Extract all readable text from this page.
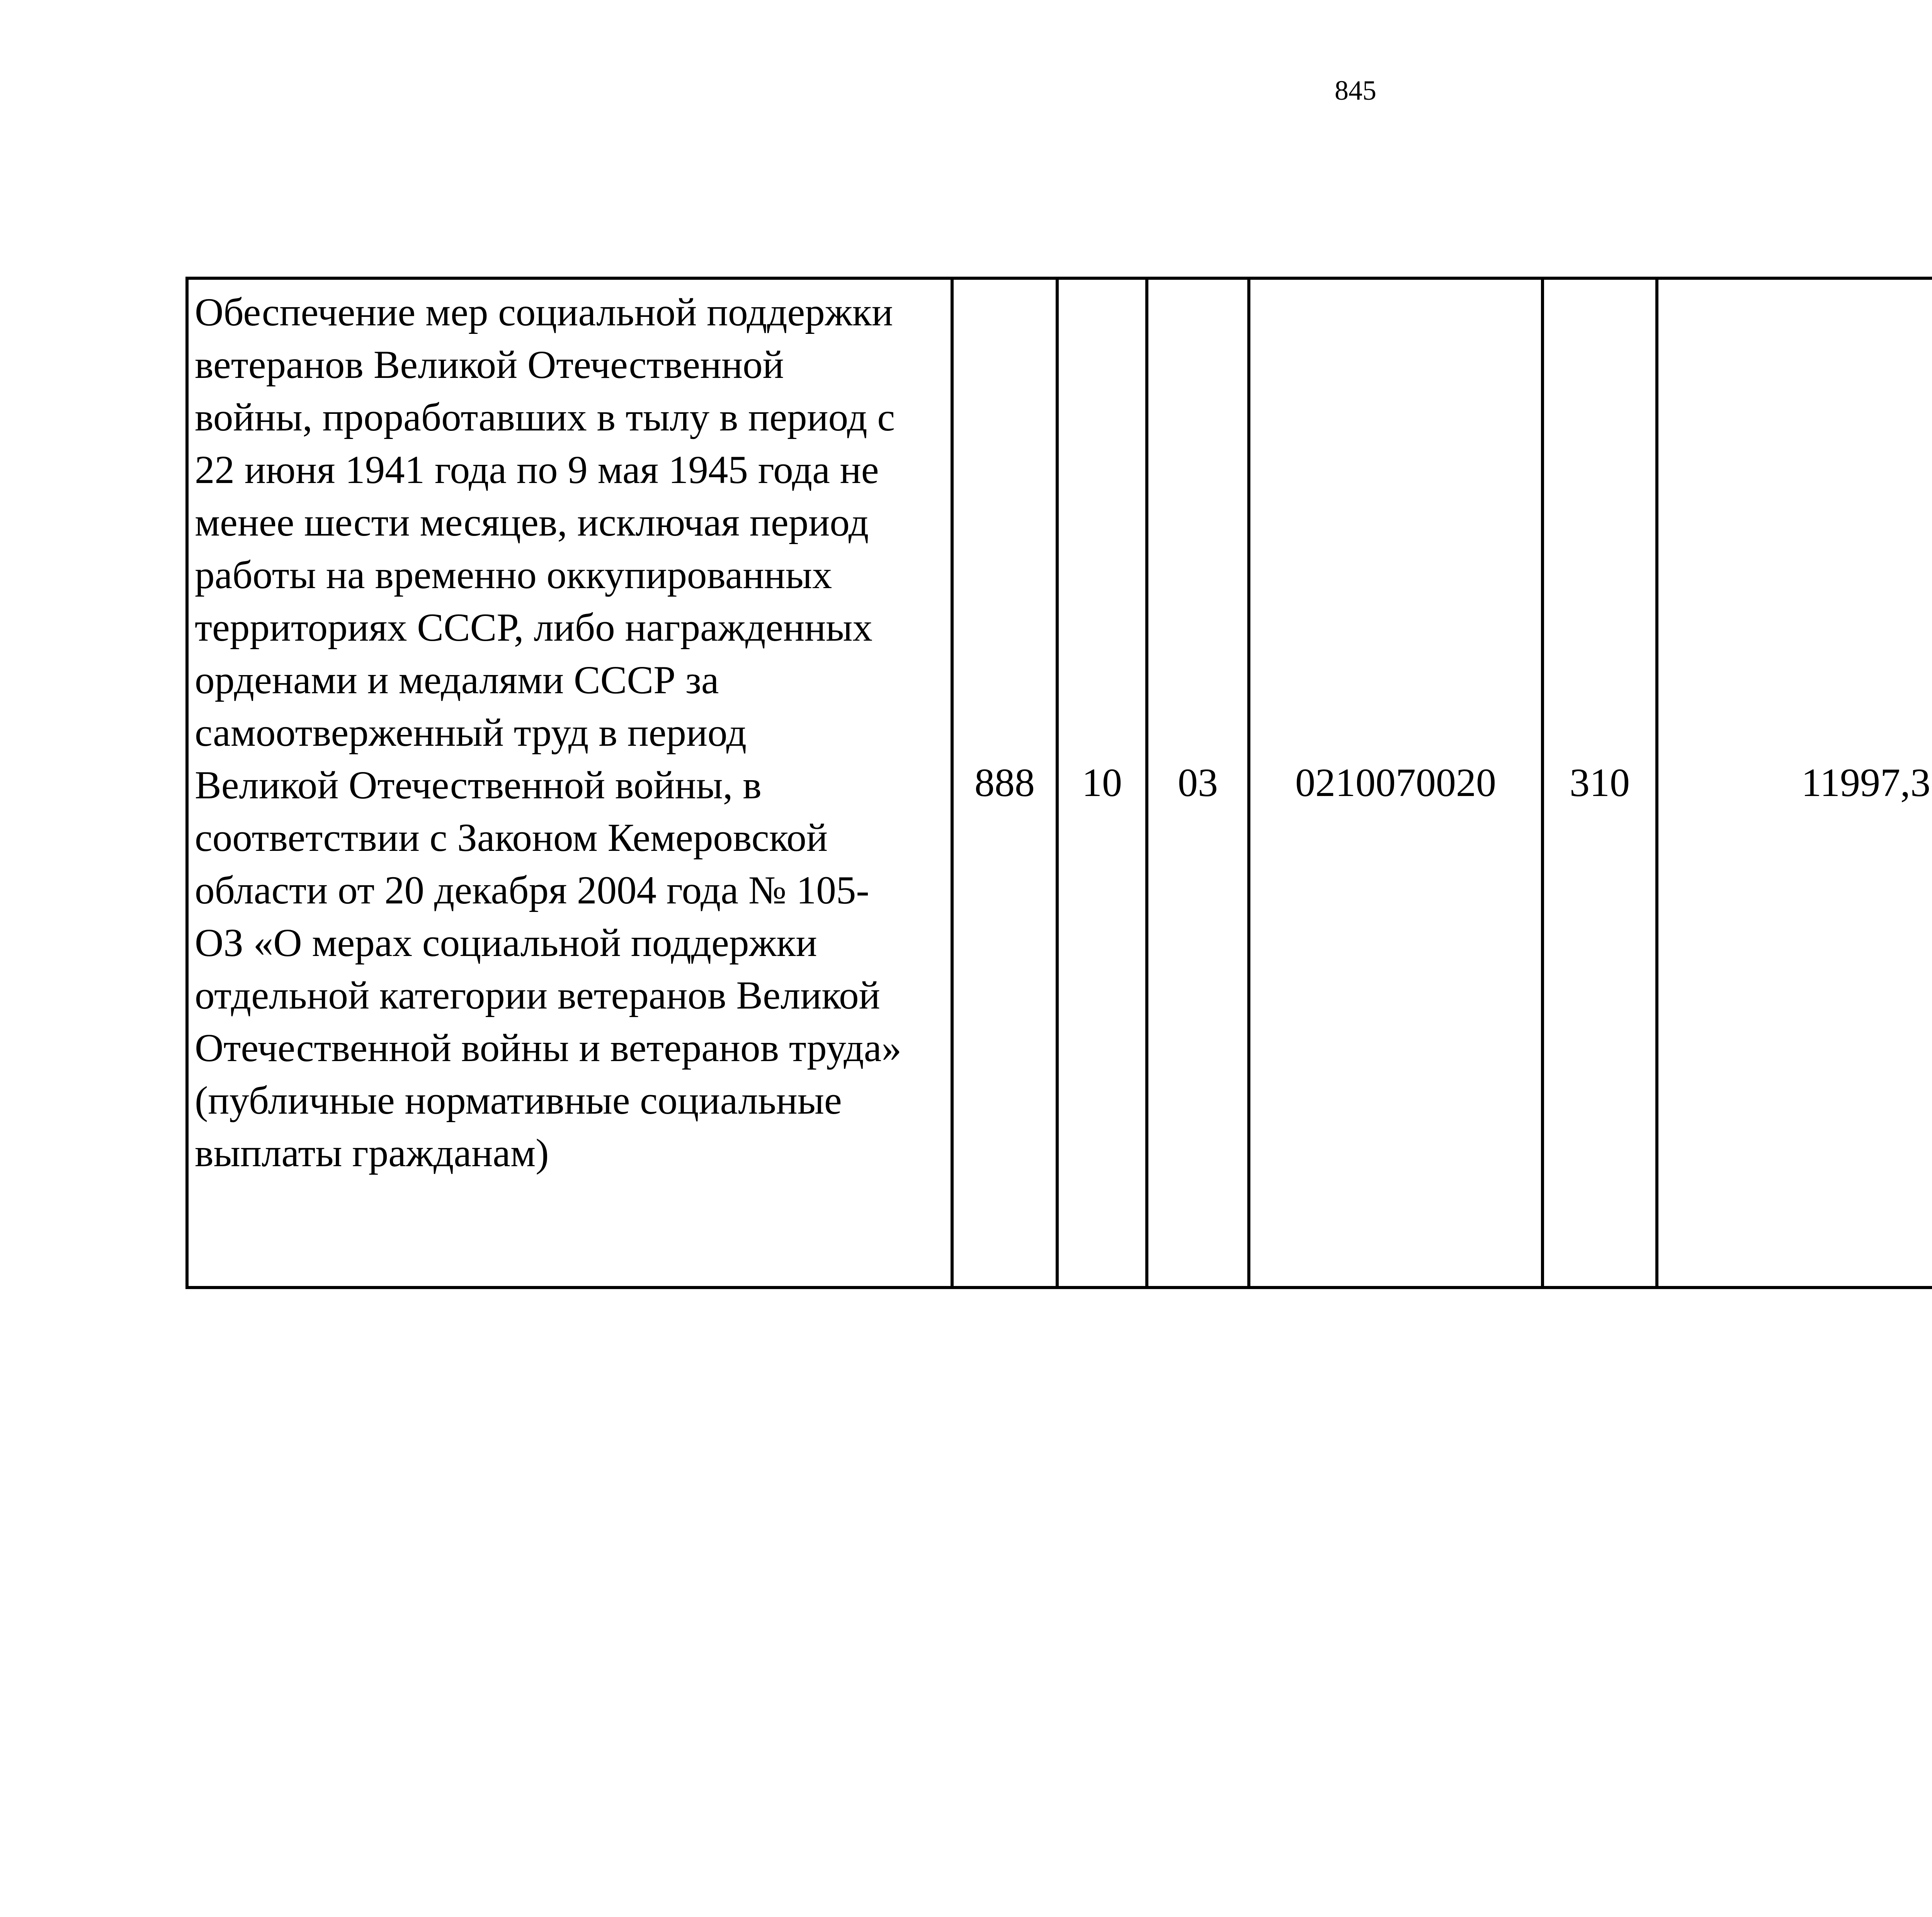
845
Обеспечение мер социальной поддержки
ветеранов Великой Отечественной
войны, проработавших в тылу в период с
22 июня 1941 года по 9 мая 1945 года не
менее шести месяцев, исключая период
работы на временно оккупированных
территориях СССР, либо награжденных
орденами и медалями СССР за
самоотверженный труд в период
Великой Отечественной войны, в
соответствии с Законом Кемеровской
области от 20 декабря 2004 года № 105-
ОЗ «О мерах социальной поддержки
отдельной категории ветеранов Великой
Отечественной войны и ветеранов труда»
(публичные нормативные социальные
выплаты гражданам)	888	10	03	0210070020	310	11997,3		
